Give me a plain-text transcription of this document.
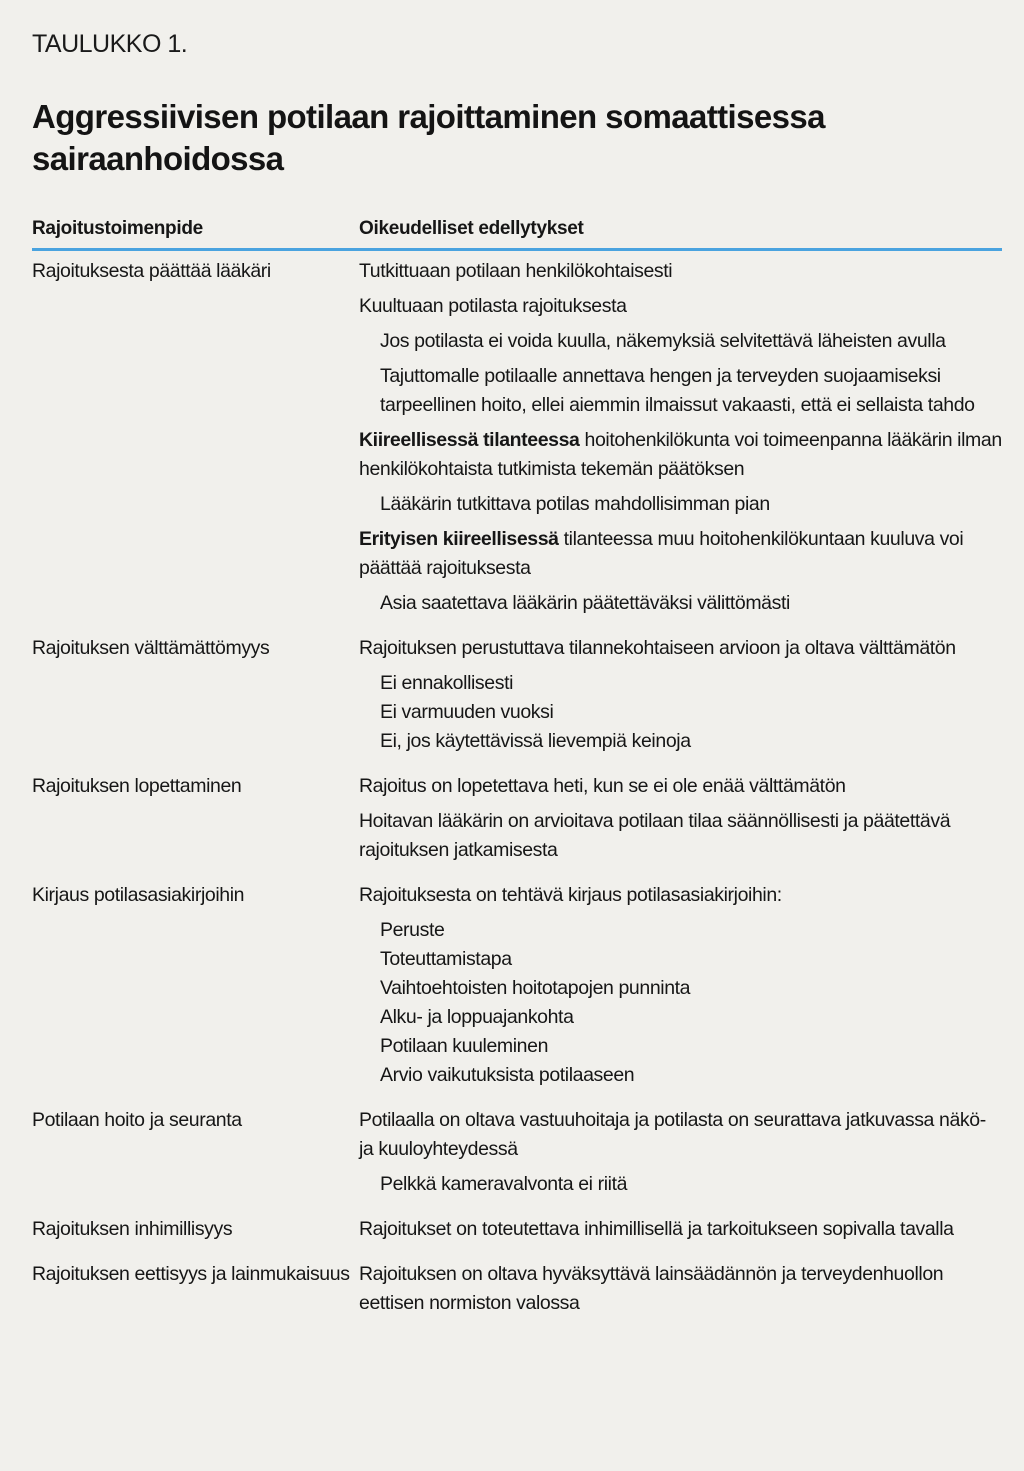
TAULUKKO 1.
Aggressiivisen potilaan rajoittaminen somaattisessa sairaanhoidossa
Rajoitustoimenpide	Oikeudelliset edellytykset
Rajoituksesta päättää lääkäri	Tutkittuaan potilaan henkilökohtaisesti
Kuultuaan potilasta rajoituksesta
Jos potilasta ei voida kuulla, näkemyksiä selvitettävä läheisten avulla
Tajuttomalle potilaalle annettava hengen ja terveyden suojaamiseksi tarpeellinen hoito, ellei aiemmin ilmaissut vakaasti, että ei sellaista tahdo
Kiireellisessä tilanteessa hoitohenkilökunta voi toimeenpanna lääkärin ilman henkilökohtaista tutkimista tekemän päätöksen
Lääkärin tutkittava potilas mahdollisimman pian
Erityisen kiireellisessä tilanteessa muu hoitohenkilökuntaan kuuluva voi päättää rajoituksesta
Asia saatettava lääkärin päätettäväksi välittömästi
Rajoituksen välttämättömyys	Rajoituksen perustuttava tilannekohtaiseen arvioon ja oltava välttämätön
Ei ennakollisesti
Ei varmuuden vuoksi
Ei, jos käytettävissä lievempiä keinoja
Rajoituksen lopettaminen	Rajoitus on lopetettava heti, kun se ei ole enää välttämätön
Hoitavan lääkärin on arvioitava potilaan tilaa säännöllisesti ja päätettävä rajoituksen jatkamisesta
Kirjaus potilasasiakirjoihin	Rajoituksesta on tehtävä kirjaus potilasasiakirjoihin:
Peruste
Toteuttamistapa
Vaihtoehtoisten hoitotapojen punninta
Alku- ja loppuajankohta
Potilaan kuuleminen
Arvio vaikutuksista potilaaseen
Potilaan hoito ja seuranta	Potilaalla on oltava vastuuhoitaja ja potilasta on seurattava jatkuvassa näkö- ja kuuloyhteydessä
Pelkkä kameravalvonta ei riitä
Rajoituksen inhimillisyys	Rajoitukset on toteutettava inhimillisellä ja tarkoitukseen sopivalla tavalla
Rajoituksen eettisyys ja lainmukaisuus Rajoituksen on oltava hyväksyttävä lainsäädännön ja terveydenhuollon eettisen normiston valossa
